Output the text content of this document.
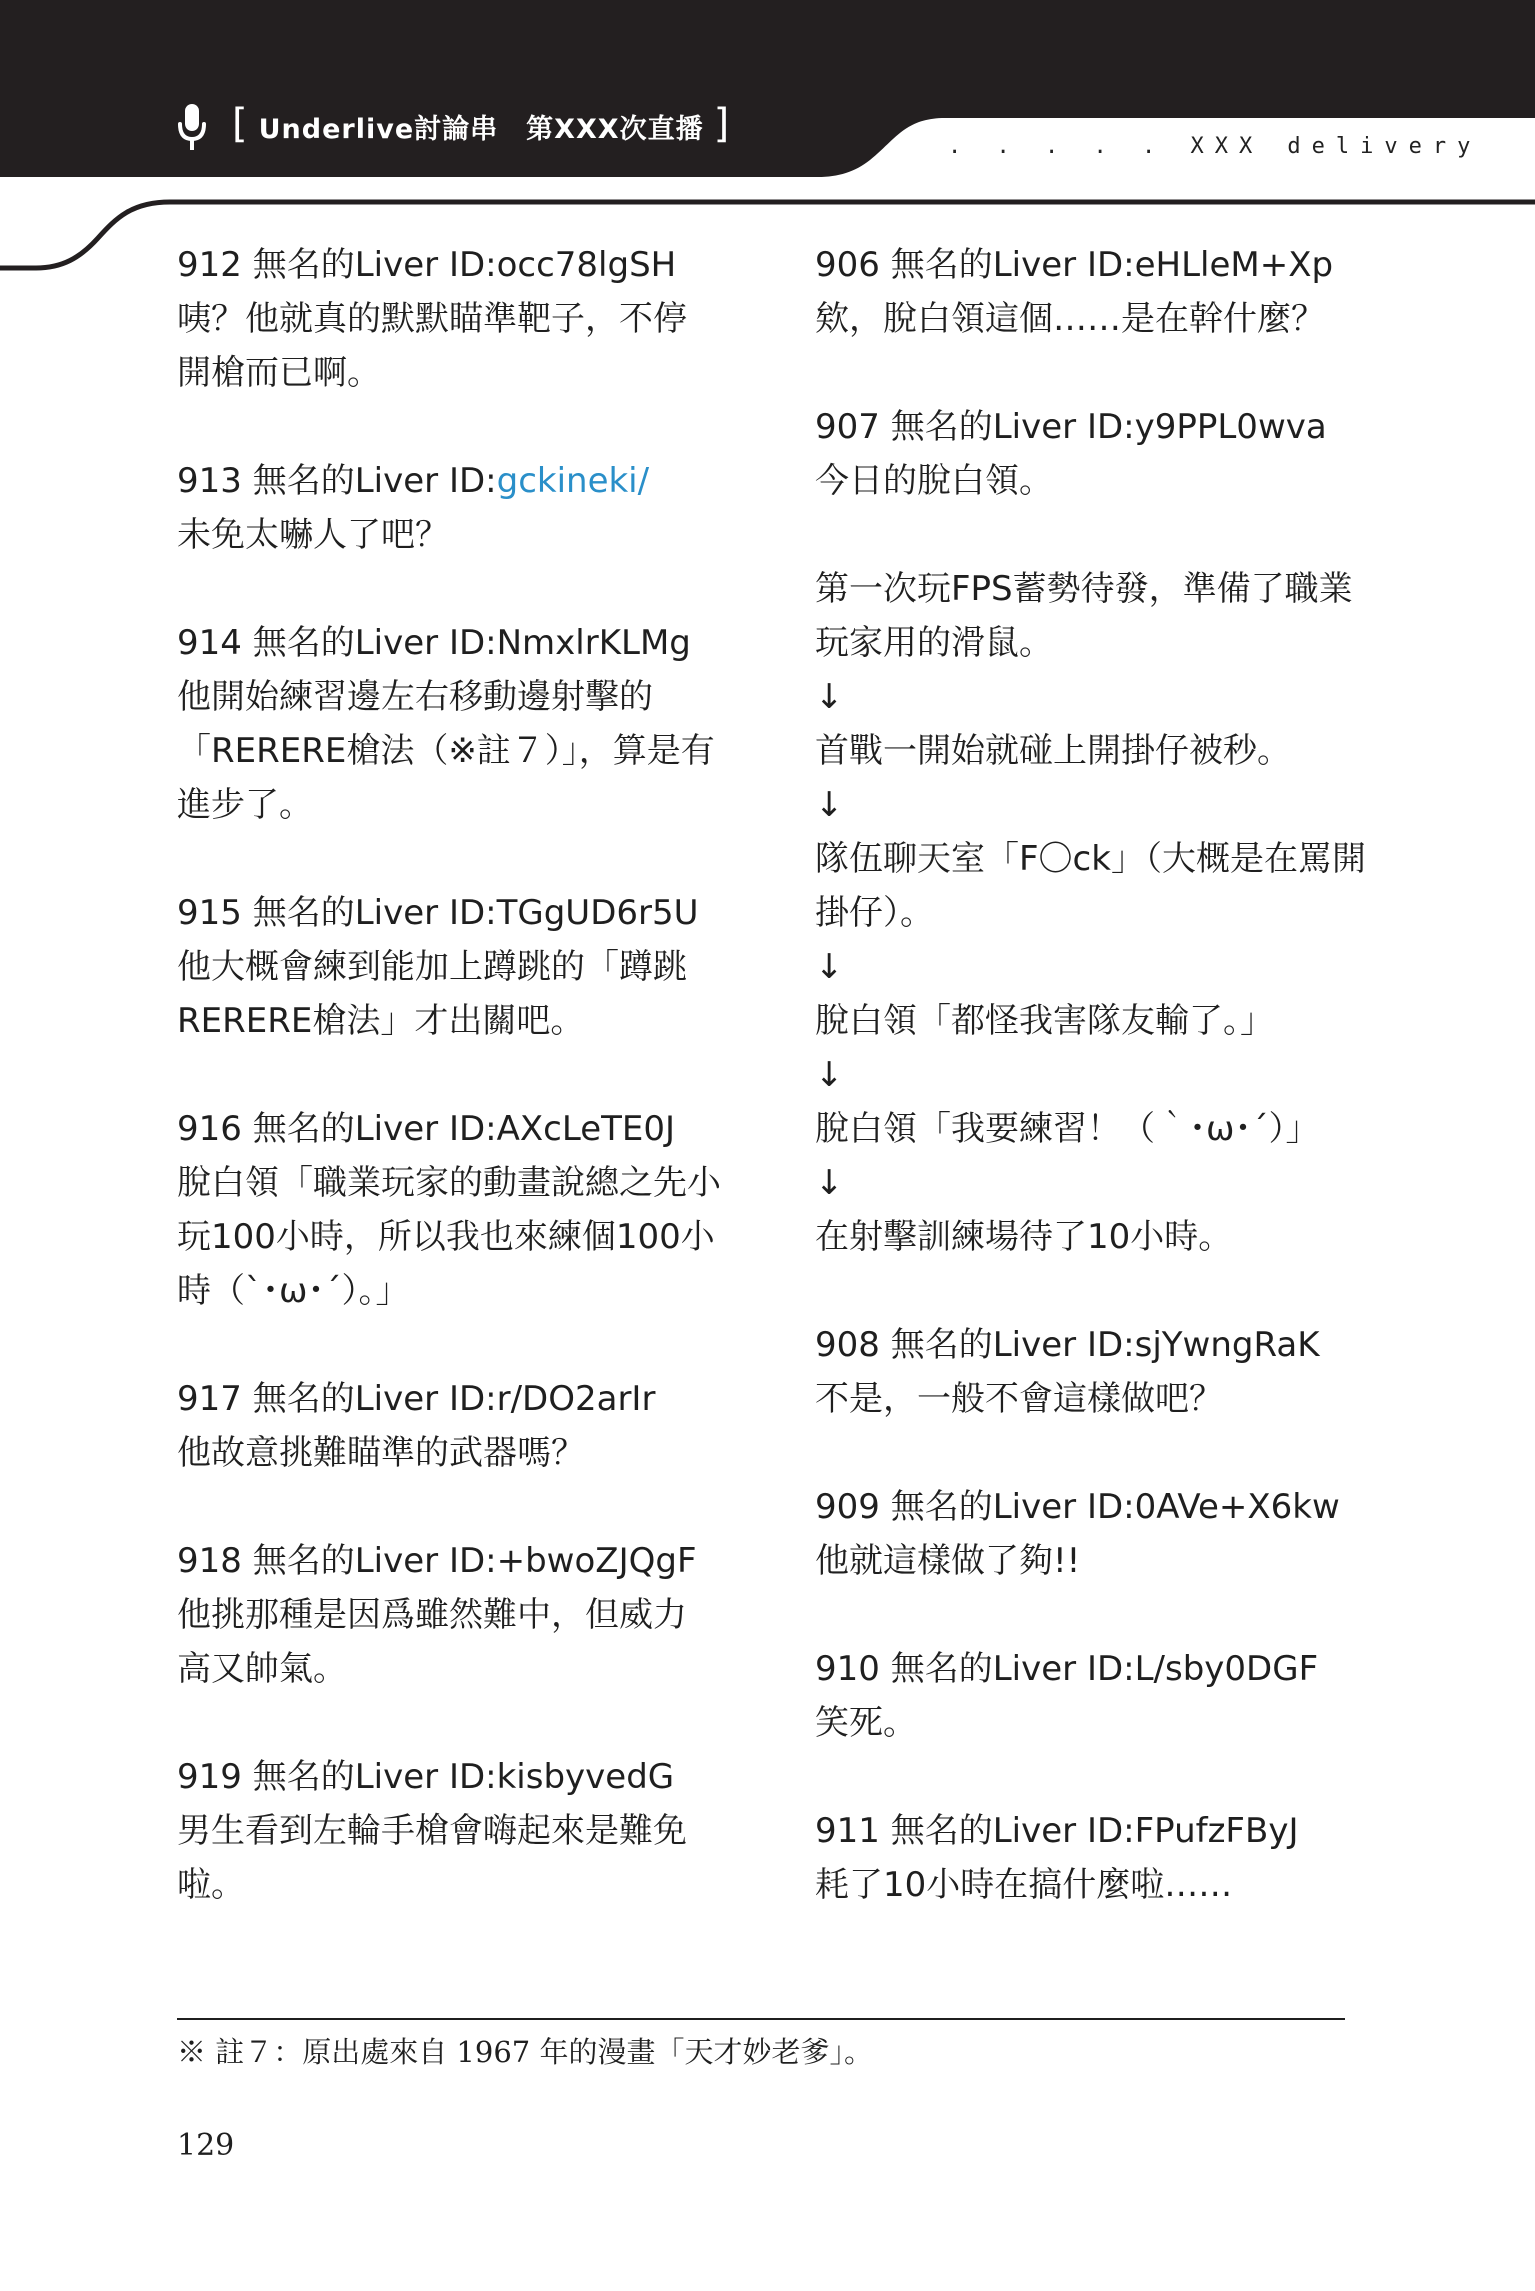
[ Underlive討論串 第XXX次直播 ]	. . . . . XXX delivery
912 無名的Liver ID:occ78lgSH
咦？他就真的默默瞄準靶子，不停
開槍而已啊。
913 無名的Liver ID:gckineki/
未免太嚇人了吧？
914 無名的Liver ID:NmxlrKLMg
他開始練習邊左右移動邊射擊的
「RERERE槍法（※註７）」，算是有
進步了。
915 無名的Liver ID:TGgUD6r5U
他大概會練到能加上蹲跳的「蹲跳
RERERE槍法」才出關吧。
916 無名的Liver ID:AXcLeTE0J
脫白領「職業玩家的動畫說總之先小
玩100小時，所以我也來練個100小
時（`･ω･´）。」
917 無名的Liver ID:r/DO2arIr
他故意挑難瞄準的武器嗎？
918 無名的Liver ID:+bwoZJQgF
他挑那種是因爲雖然難中，但威力
高又帥氣。
919 無名的Liver ID:kisbyvedG
男生看到左輪手槍會嗨起來是難免
啦。
906 無名的Liver ID:eHLleM+Xp
欸，脫白領這個……是在幹什麼？
907 無名的Liver ID:y9PPL0wva
今日的脫白領。

第一次玩FPS蓄勢待發，準備了職業
玩家用的滑鼠。
↓
首戰一開始就碰上開掛仔被秒。
↓
隊伍聊天室「F〇ck」（大概是在罵開
掛仔）。
↓
脫白領「都怪我害隊友輸了。」
↓
脫白領「我要練習！（｀･ω･´）」
↓
在射擊訓練場待了10小時。
908 無名的Liver ID:sjYwngRaK
不是，一般不會這樣做吧？
909 無名的Liver ID:0AVe+X6kw
他就這樣做了夠!!
910 無名的Liver ID:L/sby0DGF
笑死。
911 無名的Liver ID:FPufzFByJ
耗了10小時在搞什麼啦……
※ 註７：原出處來自 1967 年的漫畫「天才妙老爹」。
129
